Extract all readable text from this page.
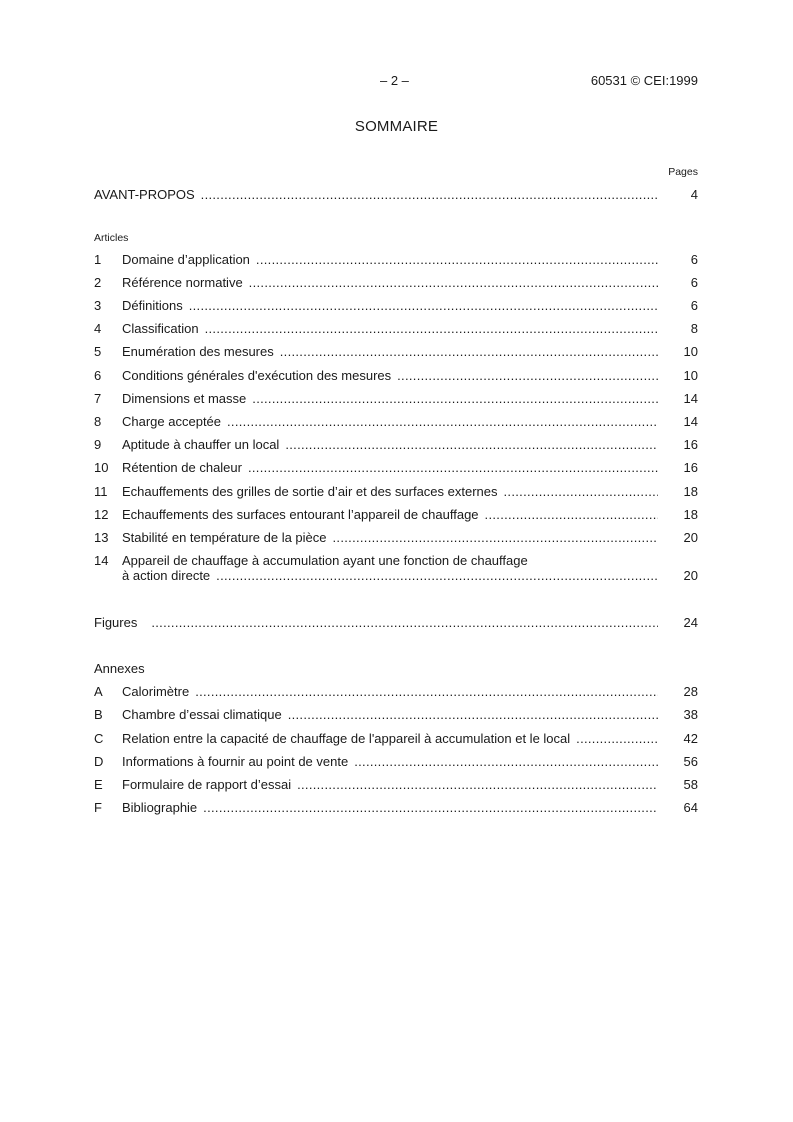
– 2 –	60531 © CEI:1999
SOMMAIRE
Pages
AVANT-PROPOS .....	4
Articles
1	Domaine d’application .....	6
2	Référence normative .....	6
3	Définitions .....	6
4	Classification .....	8
5	Enumération des mesures .....	10
6	Conditions générales d'exécution des mesures .....	10
7	Dimensions et masse .....	14
8	Charge acceptée .....	14
9	Aptitude à chauffer un local .....	16
10	Rétention de chaleur .....	16
11	Echauffements des grilles de sortie d’air et des surfaces externes .....	18
12	Echauffements des surfaces entourant l’appareil de chauffage .....	18
13	Stabilité en température de la pièce .....	20
14	Appareil de chauffage à accumulation ayant une fonction de chauffage
à action directe .....	20
Figures .....	24
Annexes
A	Calorimètre .....	28
B	Chambre d’essai climatique .....	38
C	Relation entre la capacité de chauffage de l'appareil à accumulation et le local .....	42
D	Informations à fournir au point de vente .....	56
E	Formulaire de rapport d’essai .....	58
F	Bibliographie .....	64
